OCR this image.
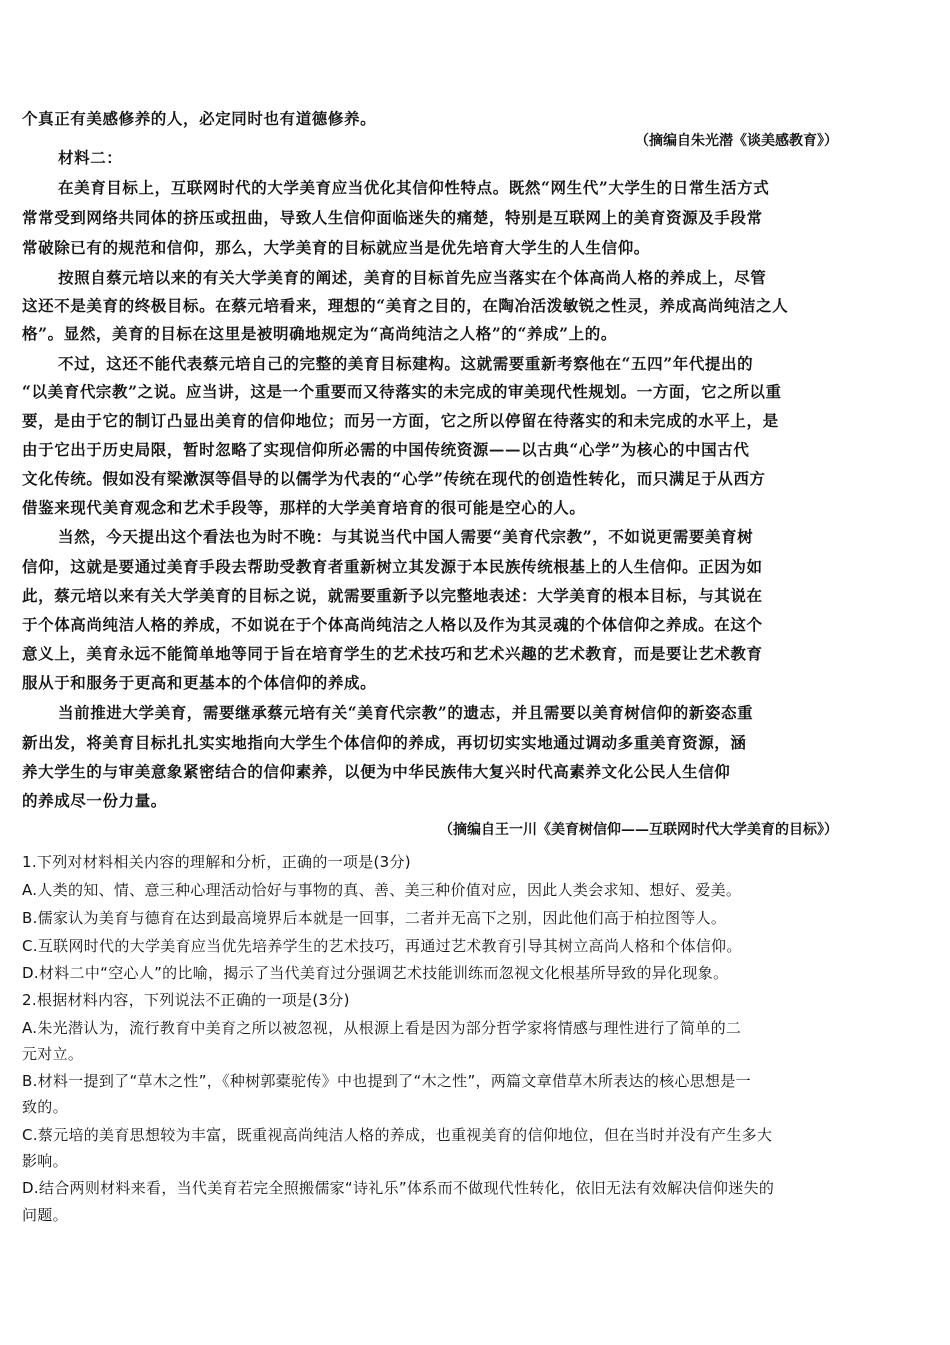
个真正有美感修养的人，必定同时也有道德修养。

（摘编自朱光潜《谈美感教育》）

材料二：

在美育目标上，互联网时代的大学美育应当优化其信仰性特点。既然“网生代”大学生的日常生活方式

常常受到网络共同体的挤压或扭曲，导致人生信仰面临迷失的痛楚，特别是互联网上的美育资源及手段常

常破除已有的规范和信仰，那么，大学美育的目标就应当是优先培育大学生的人生信仰。

按照自蔡元培以来的有关大学美育的阐述，美育的目标首先应当落实在个体高尚人格的养成上，尽管

这还不是美育的终极目标。在蔡元培看来，理想的“美育之目的，在陶冶活泼敏锐之性灵，养成高尚纯洁之人

格”。显然，美育的目标在这里是被明确地规定为“高尚纯洁之人格”的“养成”上的。

不过，这还不能代表蔡元培自己的完整的美育目标建构。这就需要重新考察他在“五四”年代提出的

“以美育代宗教”之说。应当讲，这是一个重要而又待落实的未完成的审美现代性规划。一方面，它之所以重

要，是由于它的制订凸显出美育的信仰地位；而另一方面，它之所以停留在待落实的和未完成的水平上，是

由于它出于历史局限，暂时忽略了实现信仰所必需的中国传统资源——以古典“心学”为核心的中国古代

文化传统。假如没有梁漱溟等倡导的以儒学为代表的“心学”传统在现代的创造性转化，而只满足于从西方

借鉴来现代美育观念和艺术手段等，那样的大学美育培育的很可能是空心的人。

当然，今天提出这个看法也为时不晚：与其说当代中国人需要“美育代宗教”，不如说更需要美育树

信仰，这就是要通过美育手段去帮助受教育者重新树立其发源于本民族传统根基上的人生信仰。正因为如

此，蔡元培以来有关大学美育的目标之说，就需要重新予以完整地表述：大学美育的根本目标，与其说在

于个体高尚纯洁人格的养成，不如说在于个体高尚纯洁之人格以及作为其灵魂的个体信仰之养成。在这个

意义上，美育永远不能简单地等同于旨在培育学生的艺术技巧和艺术兴趣的艺术教育，而是要让艺术教育

服从于和服务于更高和更基本的个体信仰的养成。

当前推进大学美育，需要继承蔡元培有关“美育代宗教”的遗志，并且需要以美育树信仰的新姿态重

新出发，将美育目标扎扎实实地指向大学生个体信仰的养成，再切切实实地通过调动多重美育资源，涵

养大学生的与审美意象紧密结合的信仰素养，以便为中华民族伟大复兴时代高素养文化公民人生信仰

的养成尽一份力量。

（摘编自王一川《美育树信仰——互联网时代大学美育的目标》）

1.下列对材料相关内容的理解和分析，正确的一项是(3分)

A.人类的知、情、意三种心理活动恰好与事物的真、善、美三种价值对应，因此人类会求知、想好、爱美。

B.儒家认为美育与德育在达到最高境界后本就是一回事，二者并无高下之别，因此他们高于柏拉图等人。

C.互联网时代的大学美育应当优先培养学生的艺术技巧，再通过艺术教育引导其树立高尚人格和个体信仰。

D.材料二中“空心人”的比喻，揭示了当代美育过分强调艺术技能训练而忽视文化根基所导致的异化现象。

2.根据材料内容，下列说法不正确的一项是(3分)

A.朱光潜认为，流行教育中美育之所以被忽视，从根源上看是因为部分哲学家将情感与理性进行了简单的二

元对立。

B.材料一提到了“草木之性”，《种树郭橐驼传》中也提到了“木之性”，两篇文章借草木所表达的核心思想是一

致的。

C.蔡元培的美育思想较为丰富，既重视高尚纯洁人格的养成，也重视美育的信仰地位，但在当时并没有产生多大

影响。

D.结合两则材料来看，当代美育若完全照搬儒家“诗礼乐”体系而不做现代性转化，依旧无法有效解决信仰迷失的

问题。
